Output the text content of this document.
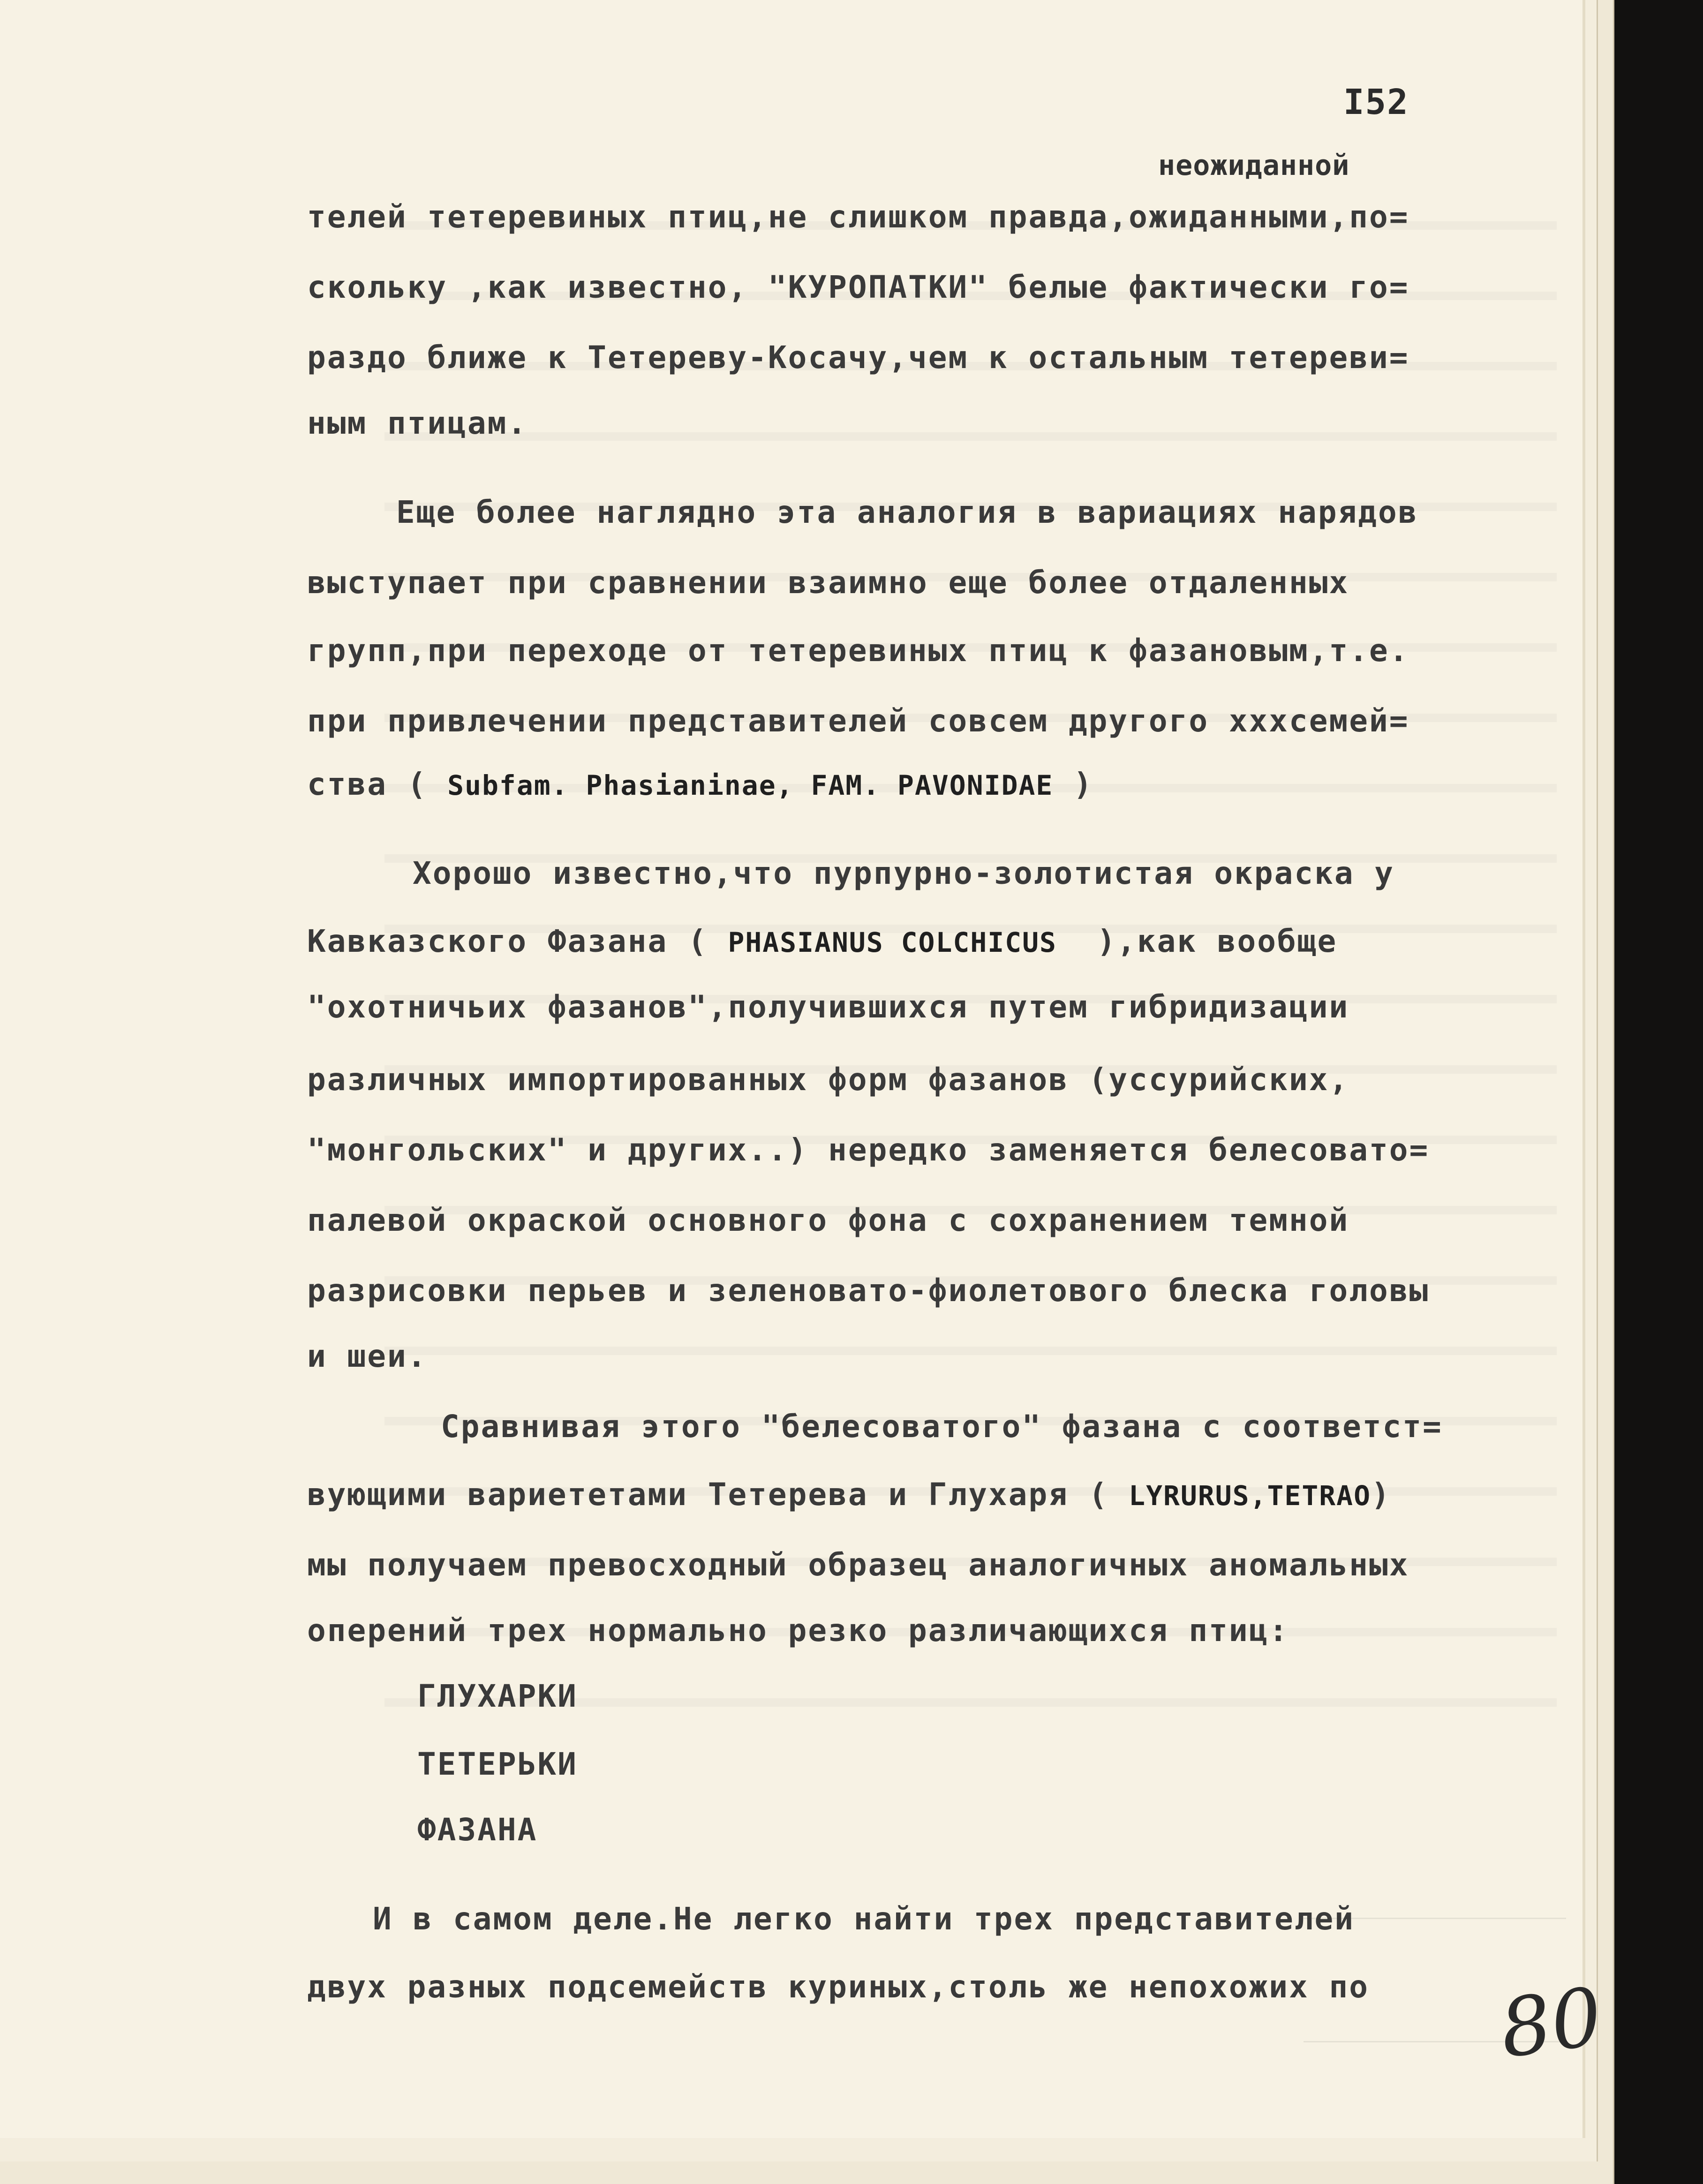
I52
неожиданной
телей тетеревиных птиц,не слишком правда,ожиданными,по=
скольку ,как известно, "КУРОПАТКИ" белые фактически го=
раздо ближе к Тетереву-Косачу,чем к остальным тетереви=
ным птицам.
Еще более наглядно эта аналогия в вариациях нарядов
выступает при сравнении взаимно еще более отдаленных
групп,при переходе от тетеревиных птиц к фазановым,т.е.
при привлечении представителей совсем другого xxxсемей=
ства ( Subfam. Phasianinae, FAM. PAVONIDAE )
Хорошо известно,что пурпурно-золотистая окраска у
Кавказского Фазана ( PHASIANUS COLCHICUS  ),как вообще
"охотничьих фазанов",получившихся путем гибридизации
различных импортированных форм фазанов (уссурийских,
"монгольских" и других..) нередко заменяется белесовато=
палевой окраской основного фона с сохранением темной
разрисовки перьев и зеленовато-фиолетового блеска головы
и шеи.
Сравнивая этого "белесоватого" фазана с соответст=
вующими вариететами Тетерева и Глухаря ( LYRURUS,TETRAO)
мы получаем превосходный образец аналогичных аномальных
оперений трех нормально резко различающихся птиц:
ГЛУХАРКИ
ТЕТЕРЬКИ
ФАЗАНА
И в самом деле.Не легко найти трех представителей
двух разных подсемейств куриных,столь же непохожих по 80
